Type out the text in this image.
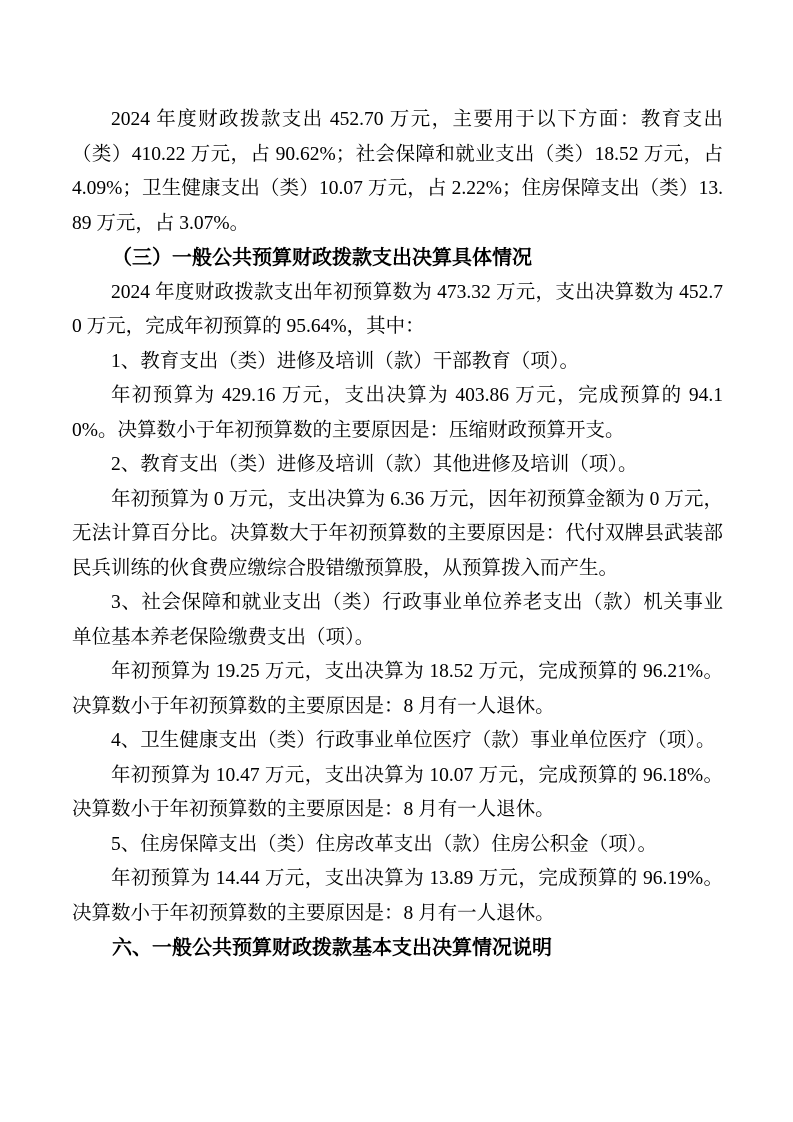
2024 年度财政拨款支出 452.70 万元，主要用于以下方面：教育支出（类）410.22 万元，占 90.62%；社会保障和就业支出（类）18.52 万元，占 4.09%；卫生健康支出（类）10.07 万元，占 2.22%；住房保障支出（类）13.89 万元，占 3.07%。

（三）一般公共预算财政拨款支出决算具体情况

2024 年度财政拨款支出年初预算数为 473.32 万元，支出决算数为 452.70 万元，完成年初预算的 95.64%，其中：

1、教育支出（类）进修及培训（款）干部教育（项）。

年初预算为 429.16 万元，支出决算为 403.86 万元，完成预算的 94.10%。决算数小于年初预算数的主要原因是：压缩财政预算开支。

2、教育支出（类）进修及培训（款）其他进修及培训（项）。

年初预算为 0 万元，支出决算为 6.36 万元，因年初预算金额为 0 万元，无法计算百分比。决算数大于年初预算数的主要原因是：代付双牌县武装部民兵训练的伙食费应缴综合股错缴预算股，从预算拨入而产生。

3、社会保障和就业支出（类）行政事业单位养老支出（款）机关事业单位基本养老保险缴费支出（项）。

年初预算为 19.25 万元，支出决算为 18.52 万元，完成预算的 96.21%。决算数小于年初预算数的主要原因是：8 月有一人退休。

4、卫生健康支出（类）行政事业单位医疗（款）事业单位医疗（项）。

年初预算为 10.47 万元，支出决算为 10.07 万元，完成预算的 96.18%。决算数小于年初预算数的主要原因是：8 月有一人退休。

5、住房保障支出（类）住房改革支出（款）住房公积金（项）。

年初预算为 14.44 万元，支出决算为 13.89 万元，完成预算的 96.19%。决算数小于年初预算数的主要原因是：8 月有一人退休。

六、一般公共预算财政拨款基本支出决算情况说明
